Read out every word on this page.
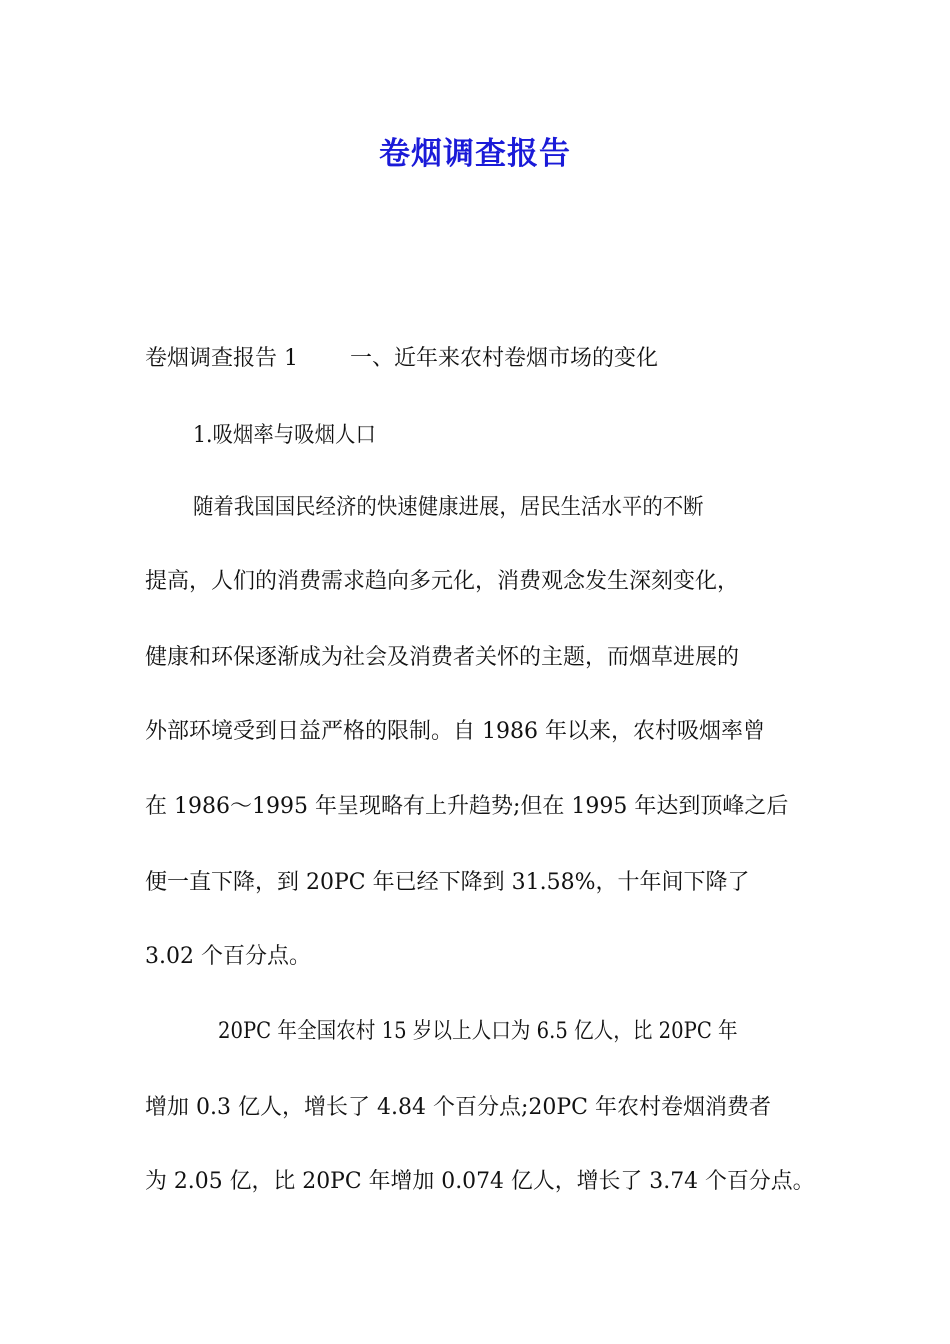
卷烟调查报告

卷烟调查报告 1 一、近年来农村卷烟市场的变化

1.吸烟率与吸烟人口

随着我国国民经济的快速健康进展，居民生活水平的不断

提高，人们的消费需求趋向多元化，消费观念发生深刻变化，

健康和环保逐渐成为社会及消费者关怀的主题，而烟草进展的

外部环境受到日益严格的限制。自 1986 年以来，农村吸烟率曾

在 1986～1995 年呈现略有上升趋势;但在 1995 年达到顶峰之后

便一直下降，到 20PC 年已经下降到 31.58%，十年间下降了

3.02 个百分点。

20PC 年全国农村 15 岁以上人口为 6.5 亿人，比 20PC 年

增加 0.3 亿人，增长了 4.84 个百分点;20PC 年农村卷烟消费者

为 2.05 亿，比 20PC 年增加 0.074 亿人，增长了 3.74 个百分点。
